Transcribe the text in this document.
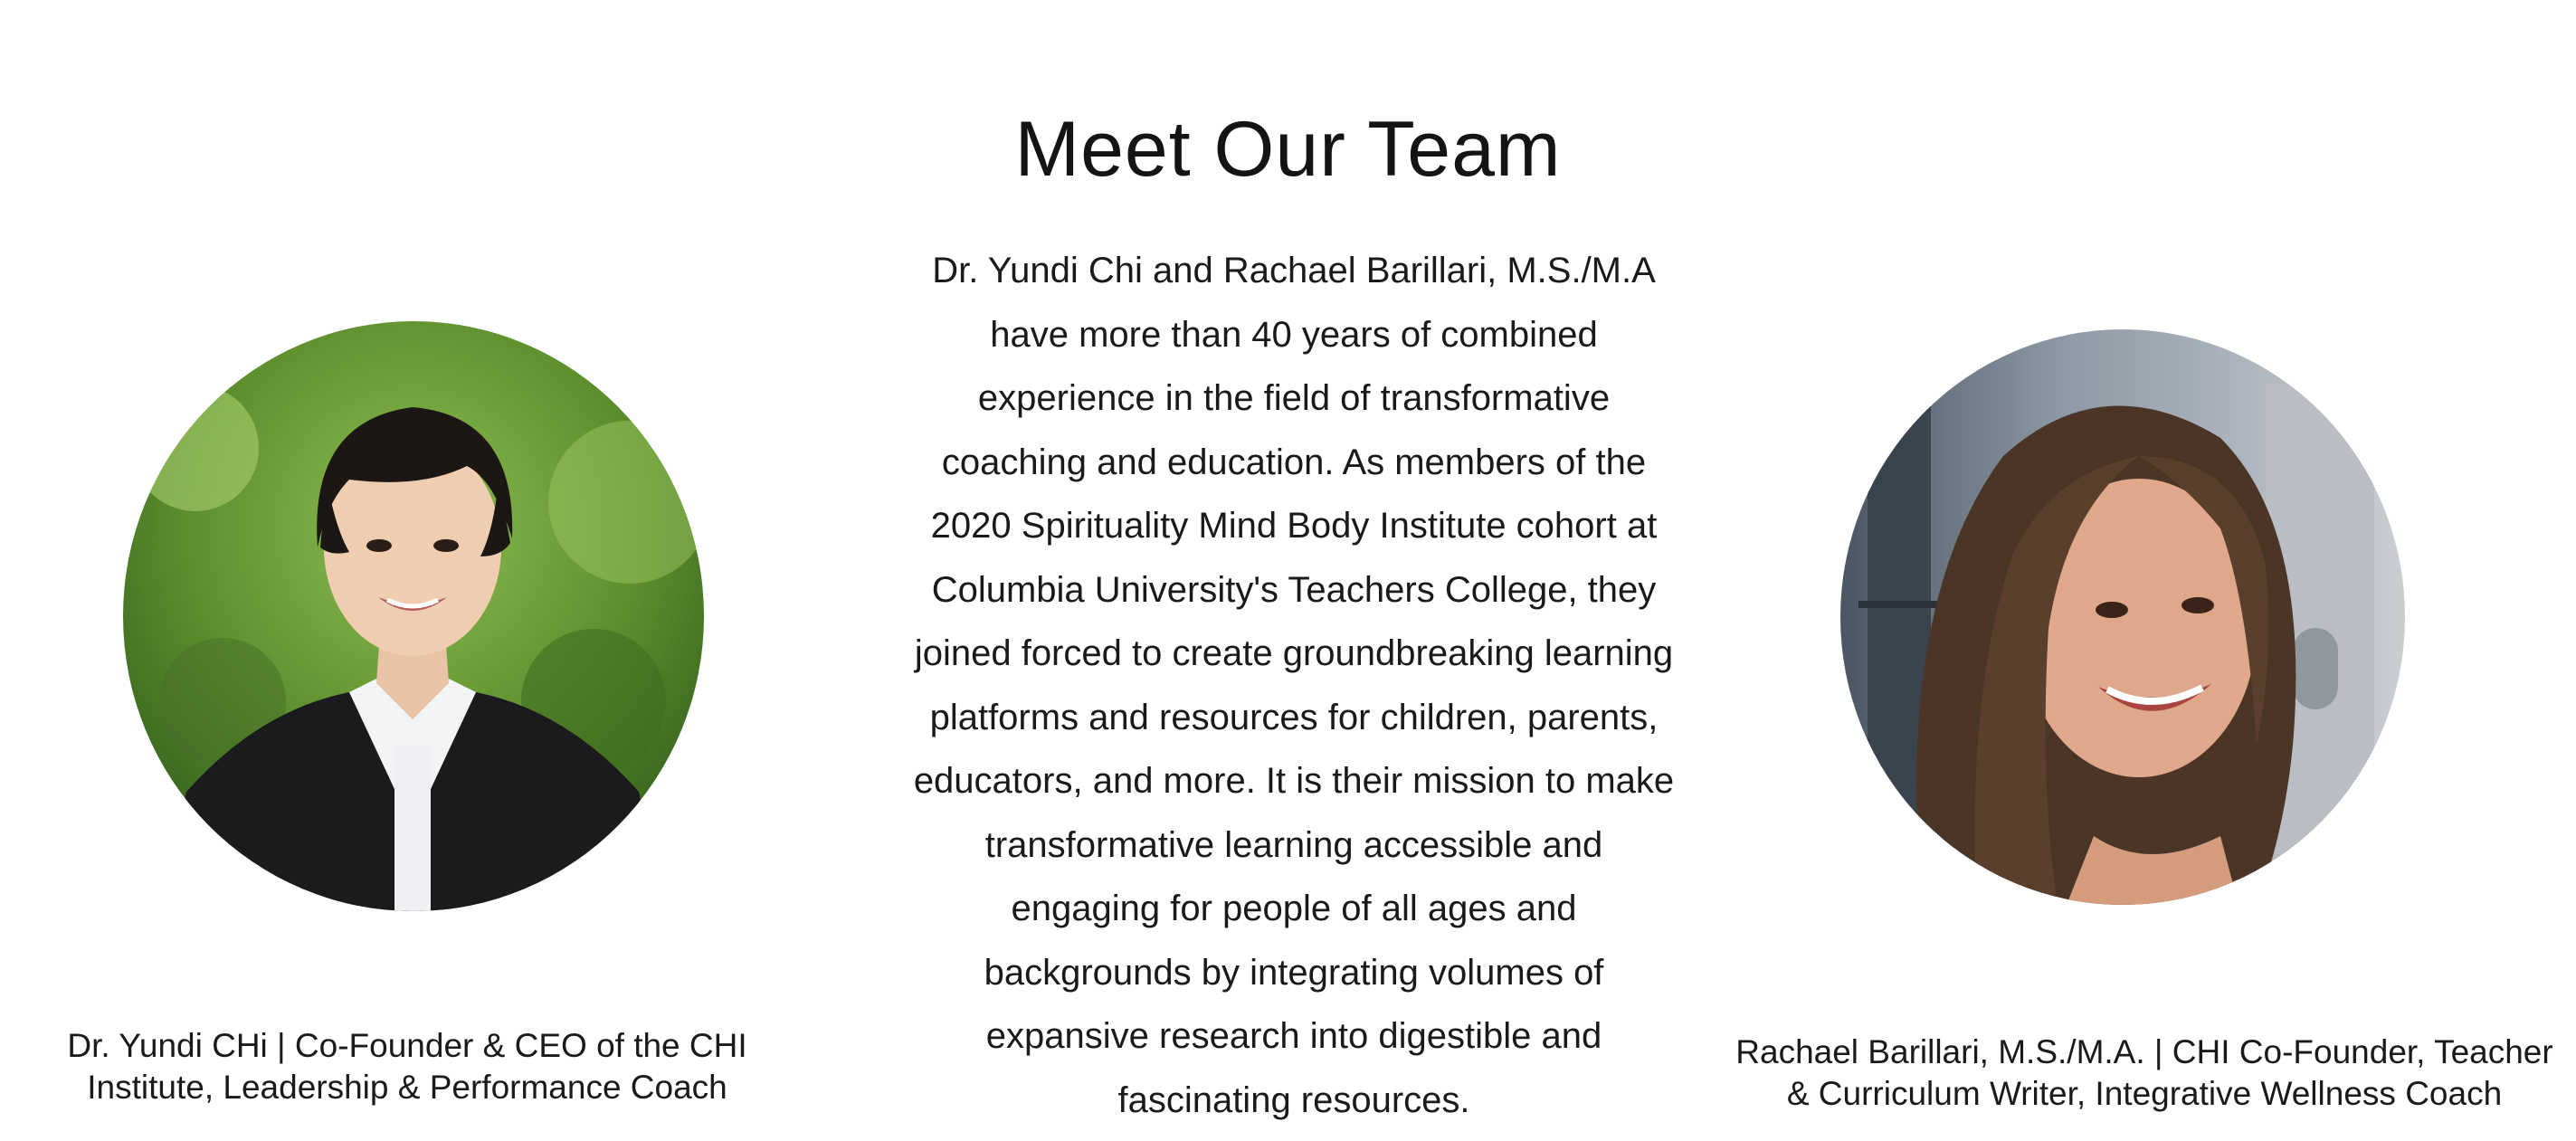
Meet Our Team
Dr. Yundi CHi | Co-Founder & CEO of the CHI
Institute, Leadership & Performance Coach
Dr. Yundi Chi and Rachael Barillari, M.S./M.A
have more than 40 years of combined
experience in the field of transformative
coaching and education. As members of the
2020 Spirituality Mind Body Institute cohort at
Columbia University's Teachers College, they
joined forced to create groundbreaking learning
platforms and resources for children, parents,
educators, and more. It is their mission to make
transformative learning accessible and
engaging for people of all ages and
backgrounds by integrating volumes of
expansive research into digestible and
fascinating resources.
Rachael Barillari, M.S./M.A. | CHI Co-Founder, Teacher
& Curriculum Writer, Integrative Wellness Coach
